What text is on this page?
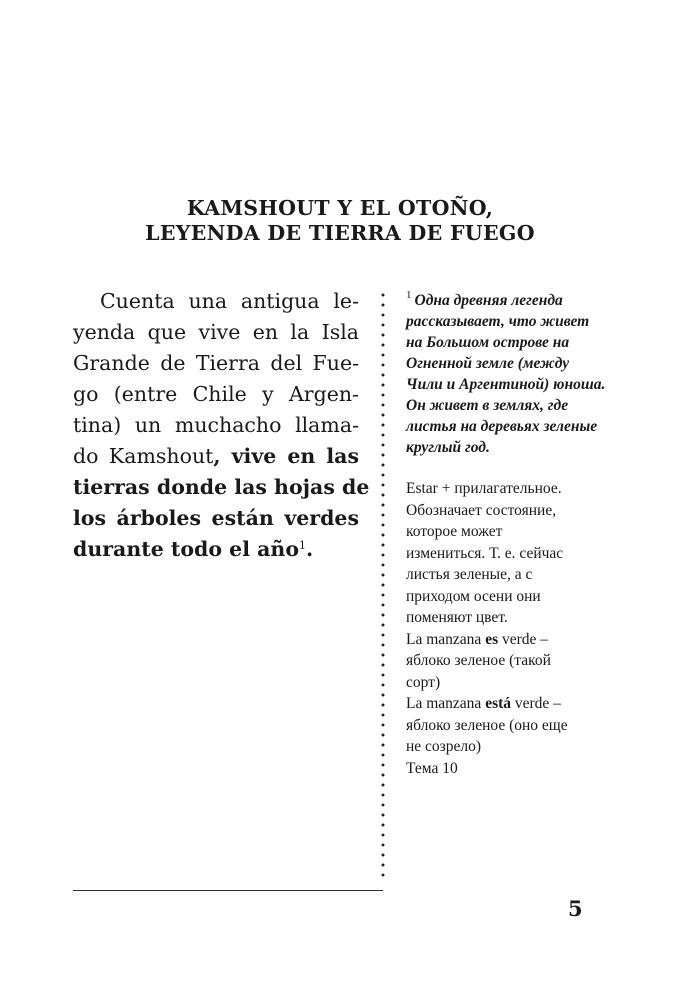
KAMSHOUT Y EL OTOÑO,
LEYENDA DE TIERRA DE FUEGO
Cuenta una antigua le-
yenda que vive en la Isla
Grande de Tierra del Fue-
go (entre Chile y Argen-
tina) un muchacho llama-
do Kamshout, vive en las
tierras donde las hojas de
los árboles están verdes
durante todo el año$^1$.
$^1$ Одна древняя легенда
рассказывает, что живет
на Большом острове на
Огненной земле (между
Чили и Аргентиной) юноша.
Он живет в землях, где
листья на деревьях зеленые
круглый год.
Estar + прилагательное.
Обозначает состояние,
которое может
измениться. Т. е. сейчас
листья зеленые, а с
приходом осени они
поменяют цвет.
La manzana es verde –
яблоко зеленое (такой
сорт)
La manzana está verde –
яблоко зеленое (оно еще
не созрело)
Тема 10
5
